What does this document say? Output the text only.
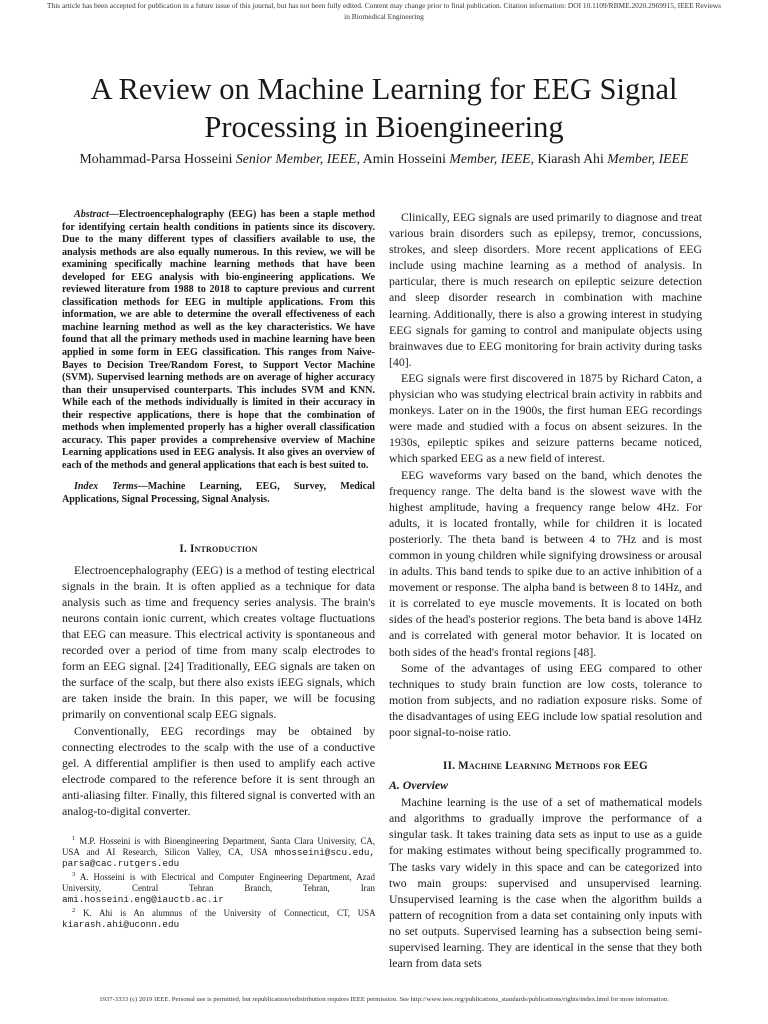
This article has been accepted for publication in a future issue of this journal, but has not been fully edited. Content may change prior to final publication. Citation information: DOI 10.1109/RBME.2020.2969915, IEEE Reviews
in Biomedical Engineering
A Review on Machine Learning for EEG Signal
Processing in Bioengineering
Mohammad-Parsa Hosseini Senior Member, IEEE, Amin Hosseini Member, IEEE, Kiarash Ahi Member, IEEE

Abstract—Electroencephalography (EEG) has been a staple method for identifying certain health conditions in patients since its discovery. Due to the many different types of classifiers available to use, the analysis methods are also equally numerous. In this review, we will be examining specifically machine learning methods that have been developed for EEG analysis with bio-engineering applications. We reviewed literature from 1988 to 2018 to capture previous and current classification methods for EEG in multiple applications. From this information, we are able to determine the overall effectiveness of each machine learning method as well as the key characteristics. We have found that all the primary methods used in machine learning have been applied in some form in EEG classification. This ranges from Naive-Bayes to Decision Tree/Random Forest, to Support Vector Machine (SVM). Supervised learning methods are on average of higher accuracy than their unsupervised counterparts. This includes SVM and KNN. While each of the methods individually is limited in their accuracy in their respective applications, there is hope that the combination of methods when implemented properly has a higher overall classification accuracy. This paper provides a comprehensive overview of Machine Learning applications used in EEG analysis. It also gives an overview of each of the methods and general applications that each is best suited to.

Index Terms—Machine Learning, EEG, Survey, Medical Applications, Signal Processing, Signal Analysis.

I. Introduction

Electroencephalography (EEG) is a method of testing electrical signals in the brain. It is often applied as a technique for data analysis such as time and frequency series analysis. The brain's neurons contain ionic current, which creates voltage fluctuations that EEG can measure. This electrical activity is spontaneous and recorded over a period of time from many scalp electrodes to form an EEG signal. [24] Traditionally, EEG signals are taken on the surface of the scalp, but there also exists iEEG signals, which are taken inside the brain. In this paper, we will be focusing primarily on conventional scalp EEG signals.

Conventionally, EEG recordings may be obtained by connecting electrodes to the scalp with the use of a conductive gel. A differential amplifier is then used to amplify each active electrode compared to the reference before it is sent through an anti-aliasing filter. Finally, this filtered signal is converted with an analog-to-digital converter.

$^1$ M.P. Hosseini is with Bioengineering Department, Santa Clara University, CA, USA and AI Research, Silicon Valley, CA, USA mhosseini@scu.edu, parsa@cac.rutgers.edu

$^3$ A. Hosseini is with Electrical and Computer Engineering Department, Azad University, Central Tehran Branch, Tehran, Iran ami.hosseini.eng@iauctb.ac.ir

$^2$ K. Ahi is An alumnus of the University of Connecticut, CT, USA kiarash.ahi@uconn.edu

Clinically, EEG signals are used primarily to diagnose and treat various brain disorders such as epilepsy, tremor, concussions, strokes, and sleep disorders. More recent applications of EEG include using machine learning as a method of analysis. In particular, there is much research on epileptic seizure detection and sleep disorder research in combination with machine learning. Additionally, there is also a growing interest in studying EEG signals for gaming to control and manipulate objects using brainwaves due to EEG monitoring for brain activity during tasks [40].

EEG signals were first discovered in 1875 by Richard Caton, a physician who was studying electrical brain activity in rabbits and monkeys. Later on in the 1900s, the first human EEG recordings were made and studied with a focus on absent seizures. In the 1930s, epileptic spikes and seizure patterns became noticed, which sparked EEG as a new field of interest.

EEG waveforms vary based on the band, which denotes the frequency range. The delta band is the slowest wave with the highest amplitude, having a frequency range below 4Hz. For adults, it is located frontally, while for children it is located posteriorly. The theta band is between 4 to 7Hz and is most common in young children while signifying drowsiness or arousal in adults. This band tends to spike due to an active inhibition of a movement or response. The alpha band is between 8 to 14Hz, and it is correlated to eye muscle movements. It is located on both sides of the head's posterior regions. The beta band is above 14Hz and is correlated with general motor behavior. It is located on both sides of the head's frontal regions [48].

Some of the advantages of using EEG compared to other techniques to study brain function are low costs, tolerance to motion from subjects, and no radiation exposure risks. Some of the disadvantages of using EEG include low spatial resolution and poor signal-to-noise ratio.

II. Machine Learning Methods for EEG
A. Overview

Machine learning is the use of a set of mathematical models and algorithms to gradually improve the performance of a singular task. It takes training data sets as input to use as a guide for making estimates without being specifically programmed to. The tasks vary widely in this space and can be categorized into two main groups: supervised and unsupervised learning. Unsupervised learning is the case when the algorithm builds a pattern of recognition from a data set containing only inputs with no set outputs. Supervised learning has a subsection being semi-supervised learning. They are identical in the sense that they both learn from data sets

1937-3333 (c) 2019 IEEE. Personal use is permitted, but republication/redistribution requires IEEE permission. See http://www.ieee.org/publications_standards/publications/rights/index.html for more information.
